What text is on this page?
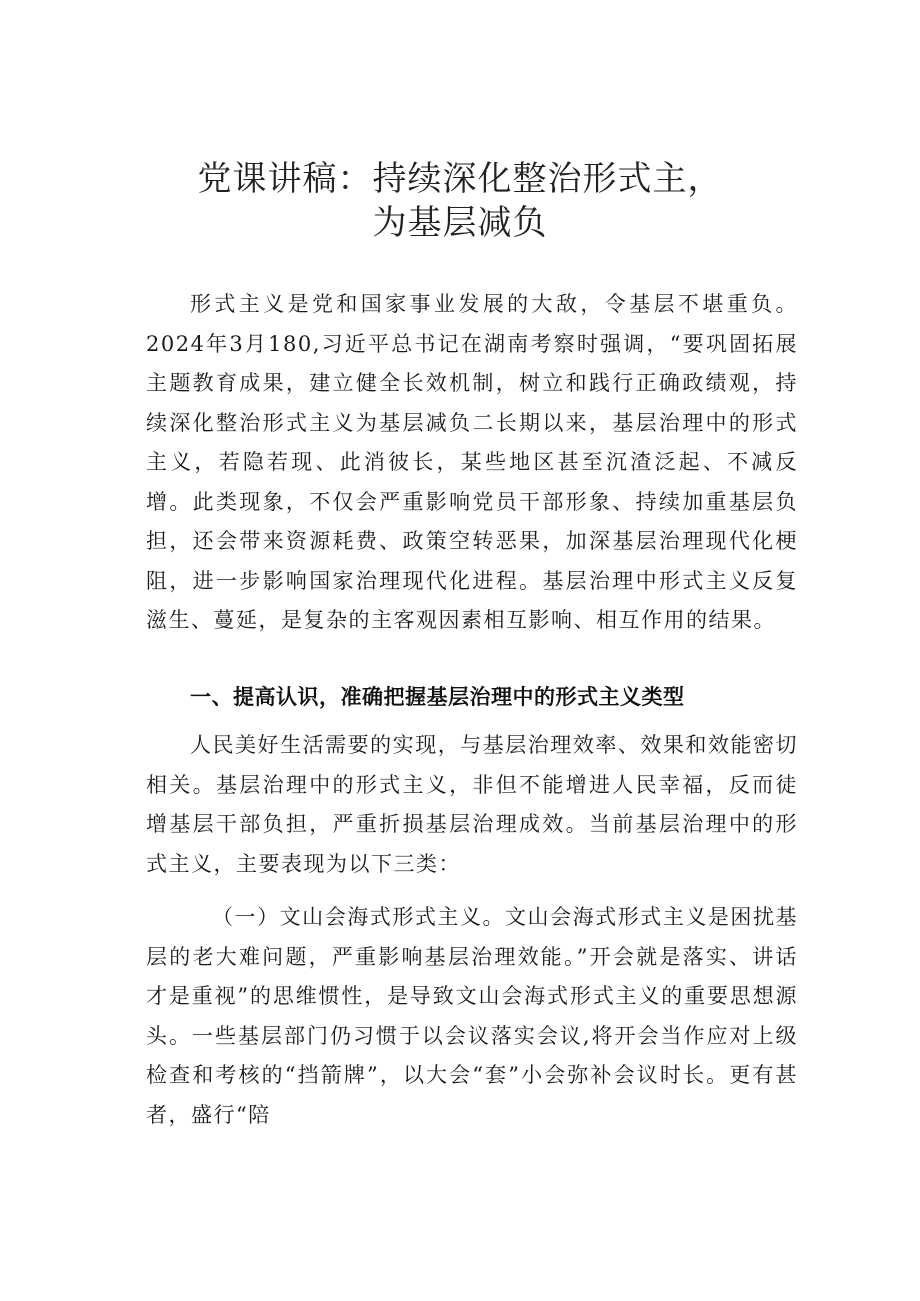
党课讲稿：持续深化整治形式主，
为基层减负

形式主义是党和国家事业发展的大敌，令基层不堪重负。2024年3月180,习近平总书记在湖南考察时强调，“要巩固拓展主题教育成果，建立健全长效机制，树立和践行正确政绩观，持续深化整治形式主义为基层减负二长期以来，基层治理中的形式主义，若隐若现、此消彼长，某些地区甚至沉渣泛起、不减反增。此类现象，不仅会严重影响党员干部形象、持续加重基层负担，还会带来资源耗费、政策空转恶果，加深基层治理现代化梗阻，进一步影响国家治理现代化进程。基层治理中形式主义反复滋生、蔓延，是复杂的主客观因素相互影响、相互作用的结果。

一、提高认识，准确把握基层治理中的形式主义类型

人民美好生活需要的实现，与基层治理效率、效果和效能密切相关。基层治理中的形式主义，非但不能增进人民幸福，反而徒增基层干部负担，严重折损基层治理成效。当前基层治理中的形式主义，主要表现为以下三类：

（一）文山会海式形式主义。文山会海式形式主义是困扰基层的老大难问题，严重影响基层治理效能。”开会就是落实、讲话才是重视”的思维惯性，是导致文山会海式形式主义的重要思想源头。一些基层部门仍习惯于以会议落实会议,将开会当作应对上级检查和考核的“挡箭牌”，以大会“套”小会弥补会议时长。更有甚者，盛行“陪
